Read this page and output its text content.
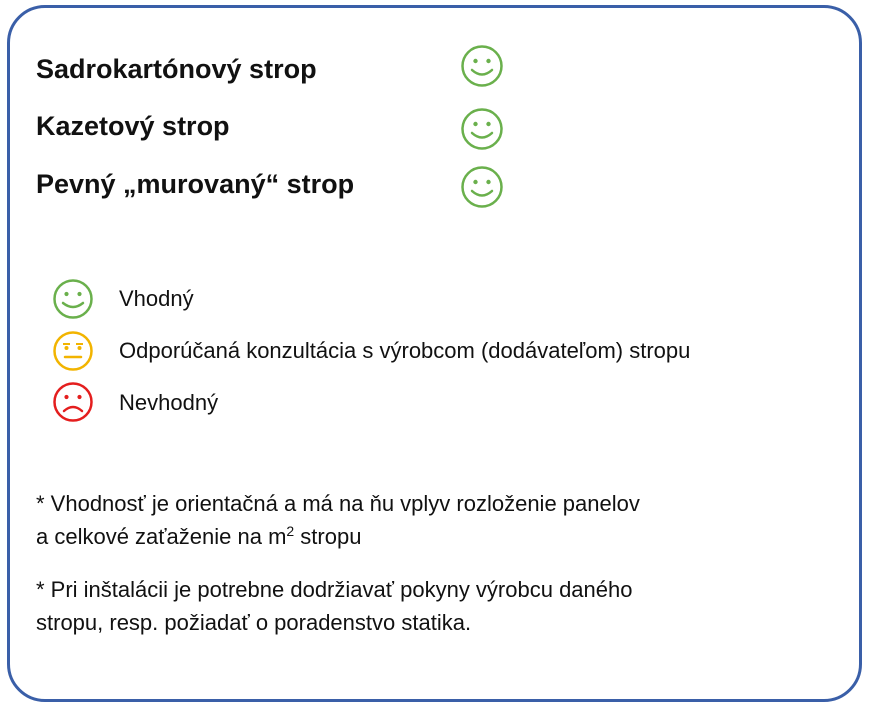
Sadrokartónový strop
Kazetový strop
Pevný „murovaný“ strop
Vhodný
Odporúčaná konzultácia s výrobcom (dodávateľom) stropu
Nevhodný
* Vhodnosť je orientačná a má na ňu vplyv rozloženie panelov
a celkové zaťaženie na $m^2$ stropu
* Pri inštalácii je potrebne dodržiavať pokyny výrobcu daného
stropu, resp. požiadať o poradenstvo statika.
